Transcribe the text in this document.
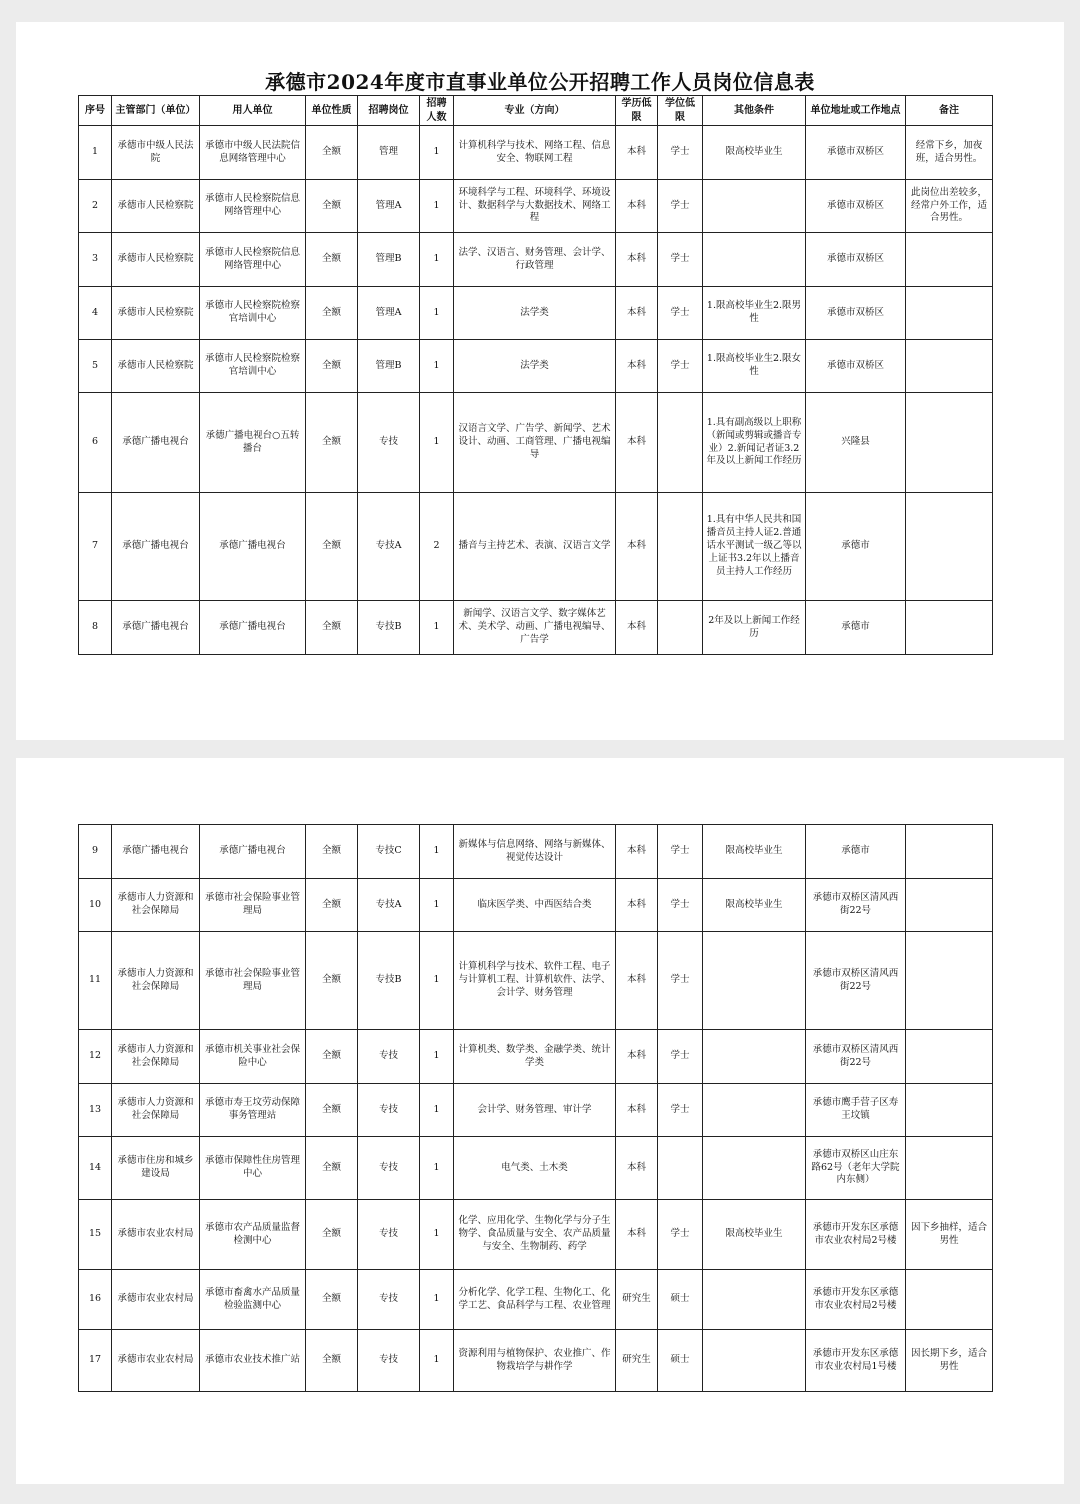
承德市2024年度市直事业单位公开招聘工作人员岗位信息表
序号	主管部门（单位）	用人单位	单位性质	招聘岗位	招聘人数	专业（方向）	学历低限	学位低限	其他条件	单位地址或工作地点	备注
1	承德市中级人民法院	承德市中级人民法院信息网络管理中心	全额	管理	1	计算机科学与技术、网络工程、信息安全、物联网工程	本科	学士	限高校毕业生	承德市双桥区	经常下乡，加夜班，适合男性。
2	承德市人民检察院	承德市人民检察院信息网络管理中心	全额	管理A	1	环境科学与工程、环境科学、环境设计、数据科学与大数据技术、网络工程	本科	学士		承德市双桥区	此岗位出差较多，经常户外工作，适合男性。
3	承德市人民检察院	承德市人民检察院信息网络管理中心	全额	管理B	1	法学、汉语言、财务管理、会计学、行政管理	本科	学士		承德市双桥区	
4	承德市人民检察院	承德市人民检察院检察官培训中心	全额	管理A	1	法学类	本科	学士	1.限高校毕业生2.限男性	承德市双桥区	
5	承德市人民检察院	承德市人民检察院检察官培训中心	全额	管理B	1	法学类	本科	学士	1.限高校毕业生2.限女性	承德市双桥区	
6	承德广播电视台	承德广播电视台○五转播台	全额	专技	1	汉语言文学、广告学、新闻学、艺术设计、动画、工商管理、广播电视编导	本科		1.具有副高级以上职称（新闻或剪辑或播音专业）2.新闻记者证3.2年及以上新闻工作经历	兴隆县	
7	承德广播电视台	承德广播电视台	全额	专技A	2	播音与主持艺术、表演、汉语言文学	本科		1.具有中华人民共和国播音员主持人证2.普通话水平测试一级乙等以上证书3.2年以上播音员主持人工作经历	承德市	
8	承德广播电视台	承德广播电视台	全额	专技B	1	新闻学、汉语言文学、数字媒体艺术、美术学、动画、广播电视编导、广告学	本科		2年及以上新闻工作经历	承德市	
9	承德广播电视台	承德广播电视台	全额	专技C	1	新媒体与信息网络、网络与新媒体、视觉传达设计	本科	学士	限高校毕业生	承德市	
10	承德市人力资源和社会保障局	承德市社会保险事业管理局	全额	专技A	1	临床医学类、中西医结合类	本科	学士	限高校毕业生	承德市双桥区清风西街22号	
11	承德市人力资源和社会保障局	承德市社会保险事业管理局	全额	专技B	1	计算机科学与技术、软件工程、电子与计算机工程、计算机软件、法学、会计学、财务管理	本科	学士		承德市双桥区清风西街22号	
12	承德市人力资源和社会保障局	承德市机关事业社会保险中心	全额	专技	1	计算机类、数学类、金融学类、统计学类	本科	学士		承德市双桥区清风西街22号	
13	承德市人力资源和社会保障局	承德市寿王坟劳动保障事务管理站	全额	专技	1	会计学、财务管理、审计学	本科	学士		承德市鹰手营子区寿王坟镇	
14	承德市住房和城乡建设局	承德市保障性住房管理中心	全额	专技	1	电气类、土木类	本科			承德市双桥区山庄东路62号（老年大学院内东侧）	
15	承德市农业农村局	承德市农产品质量监督检测中心	全额	专技	1	化学、应用化学、生物化学与分子生物学、食品质量与安全、农产品质量与安全、生物制药、药学	本科	学士	限高校毕业生	承德市开发东区承德市农业农村局2号楼	因下乡抽样，适合男性
16	承德市农业农村局	承德市畜禽水产品质量检验监测中心	全额	专技	1	分析化学、化学工程、生物化工、化学工艺、食品科学与工程、农业管理	研究生	硕士		承德市开发东区承德市农业农村局2号楼	
17	承德市农业农村局	承德市农业技术推广站	全额	专技	1	资源利用与植物保护、农业推广、作物栽培学与耕作学	研究生	硕士		承德市开发东区承德市农业农村局1号楼	因长期下乡，适合男性
